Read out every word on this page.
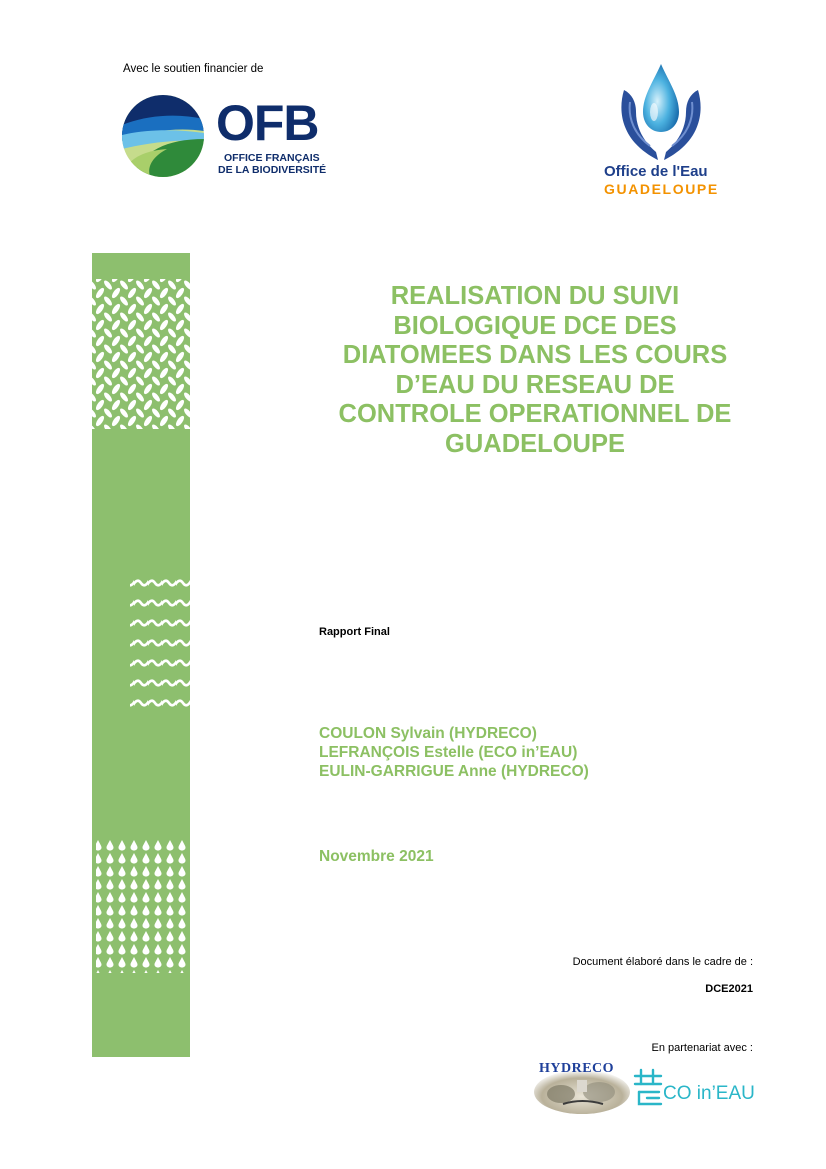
Avec le soutien financier de
OFB
OFFICE FRANÇAIS
DE LA BIODIVERSITÉ	Office de l'Eau
GUADELOUPE
REALISATION DU SUIVI
BIOLOGIQUE DCE DES
DIATOMEES DANS LES COURS
D’EAU DU RESEAU DE
CONTROLE OPERATIONNEL DE
GUADELOUPE
Rapport Final
COULON Sylvain (HYDRECO)
LEFRANÇOIS Estelle (ECO in’EAU)
EULIN-GARRIGUE Anne (HYDRECO)
Novembre 2021
Document élaboré dans le cadre de :
DCE2021
En partenariat avec :
HYDRECO
CO in’EAU
